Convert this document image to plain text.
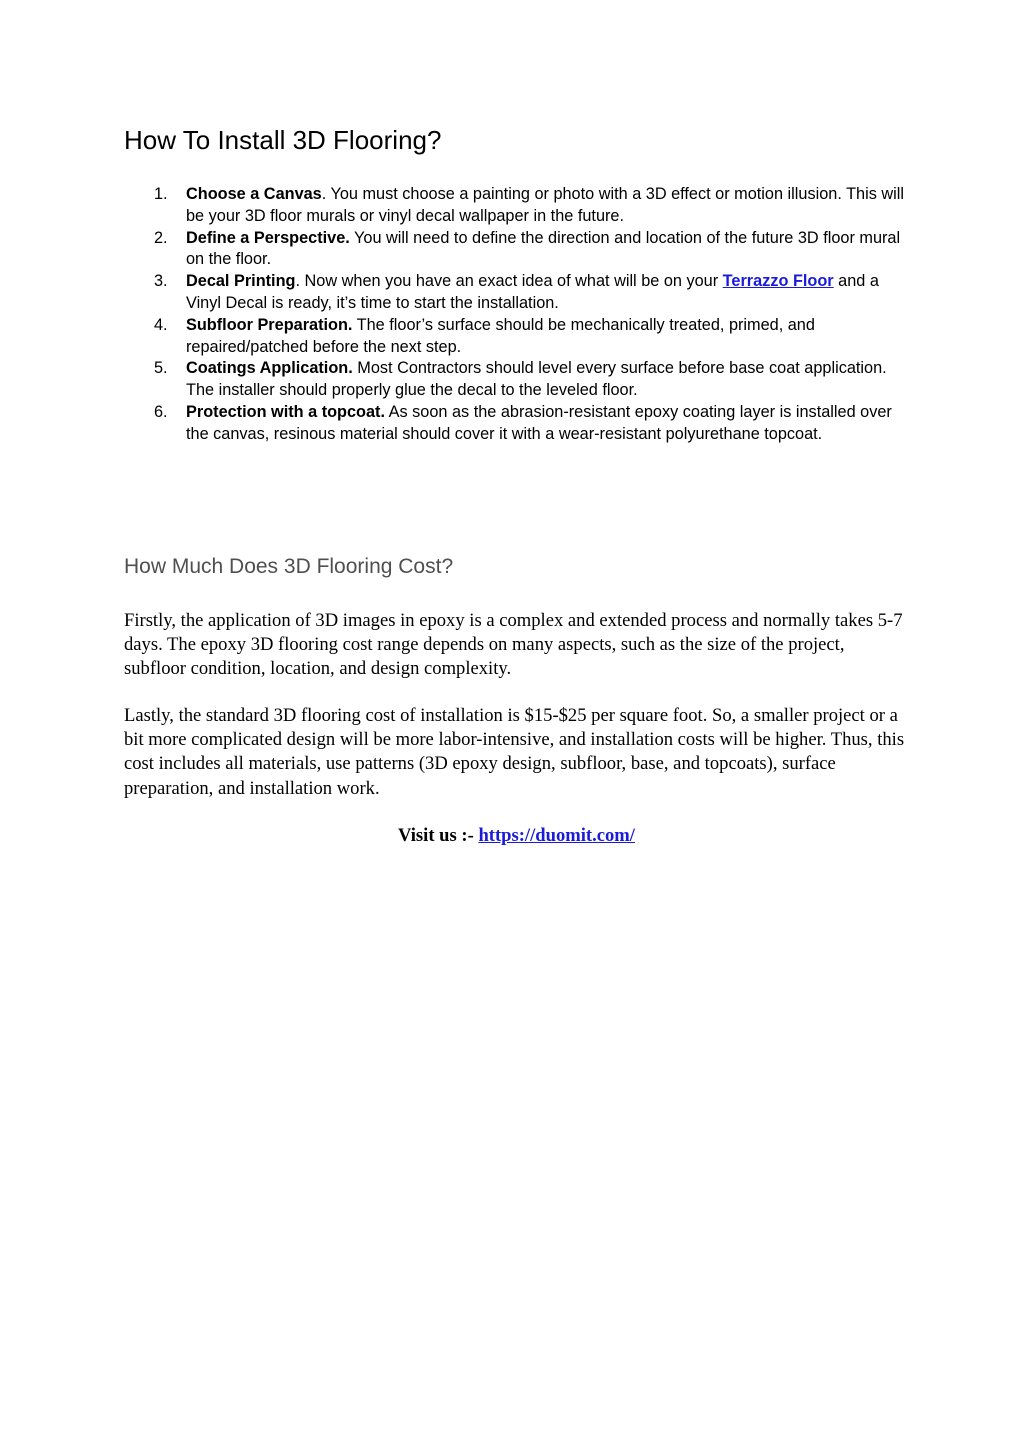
How To Install 3D Flooring?
1.	Choose a Canvas. You must choose a painting or photo with a 3D effect or motion illusion. This will be your 3D floor murals or vinyl decal wallpaper in the future.
2.	Define a Perspective. You will need to define the direction and location of the future 3D floor mural on the floor.
3.	Decal Printing. Now when you have an exact idea of what will be on your Terrazzo Floor and a Vinyl Decal is ready, it’s time to start the installation.
4.	Subfloor Preparation. The floor’s surface should be mechanically treated, primed, and repaired/patched before the next step.
5.	Coatings Application. Most Contractors should level every surface before base coat application. The installer should properly glue the decal to the leveled floor.
6.	Protection with a topcoat. As soon as the abrasion-resistant epoxy coating layer is installed over the canvas, resinous material should cover it with a wear-resistant polyurethane topcoat.
How Much Does 3D Flooring Cost?

Firstly, the application of 3D images in epoxy is a complex and extended process and normally takes 5-7 days. The epoxy 3D flooring cost range depends on many aspects, such as the size of the project, subfloor condition, location, and design complexity.

Lastly, the standard 3D flooring cost of installation is $15-$25 per square foot. So, a smaller project or a bit more complicated design will be more labor-intensive, and installation costs will be higher. Thus, this cost includes all materials, use patterns (3D epoxy design, subfloor, base, and topcoats), surface preparation, and installation work.

Visit us :- https://duomit.com/
